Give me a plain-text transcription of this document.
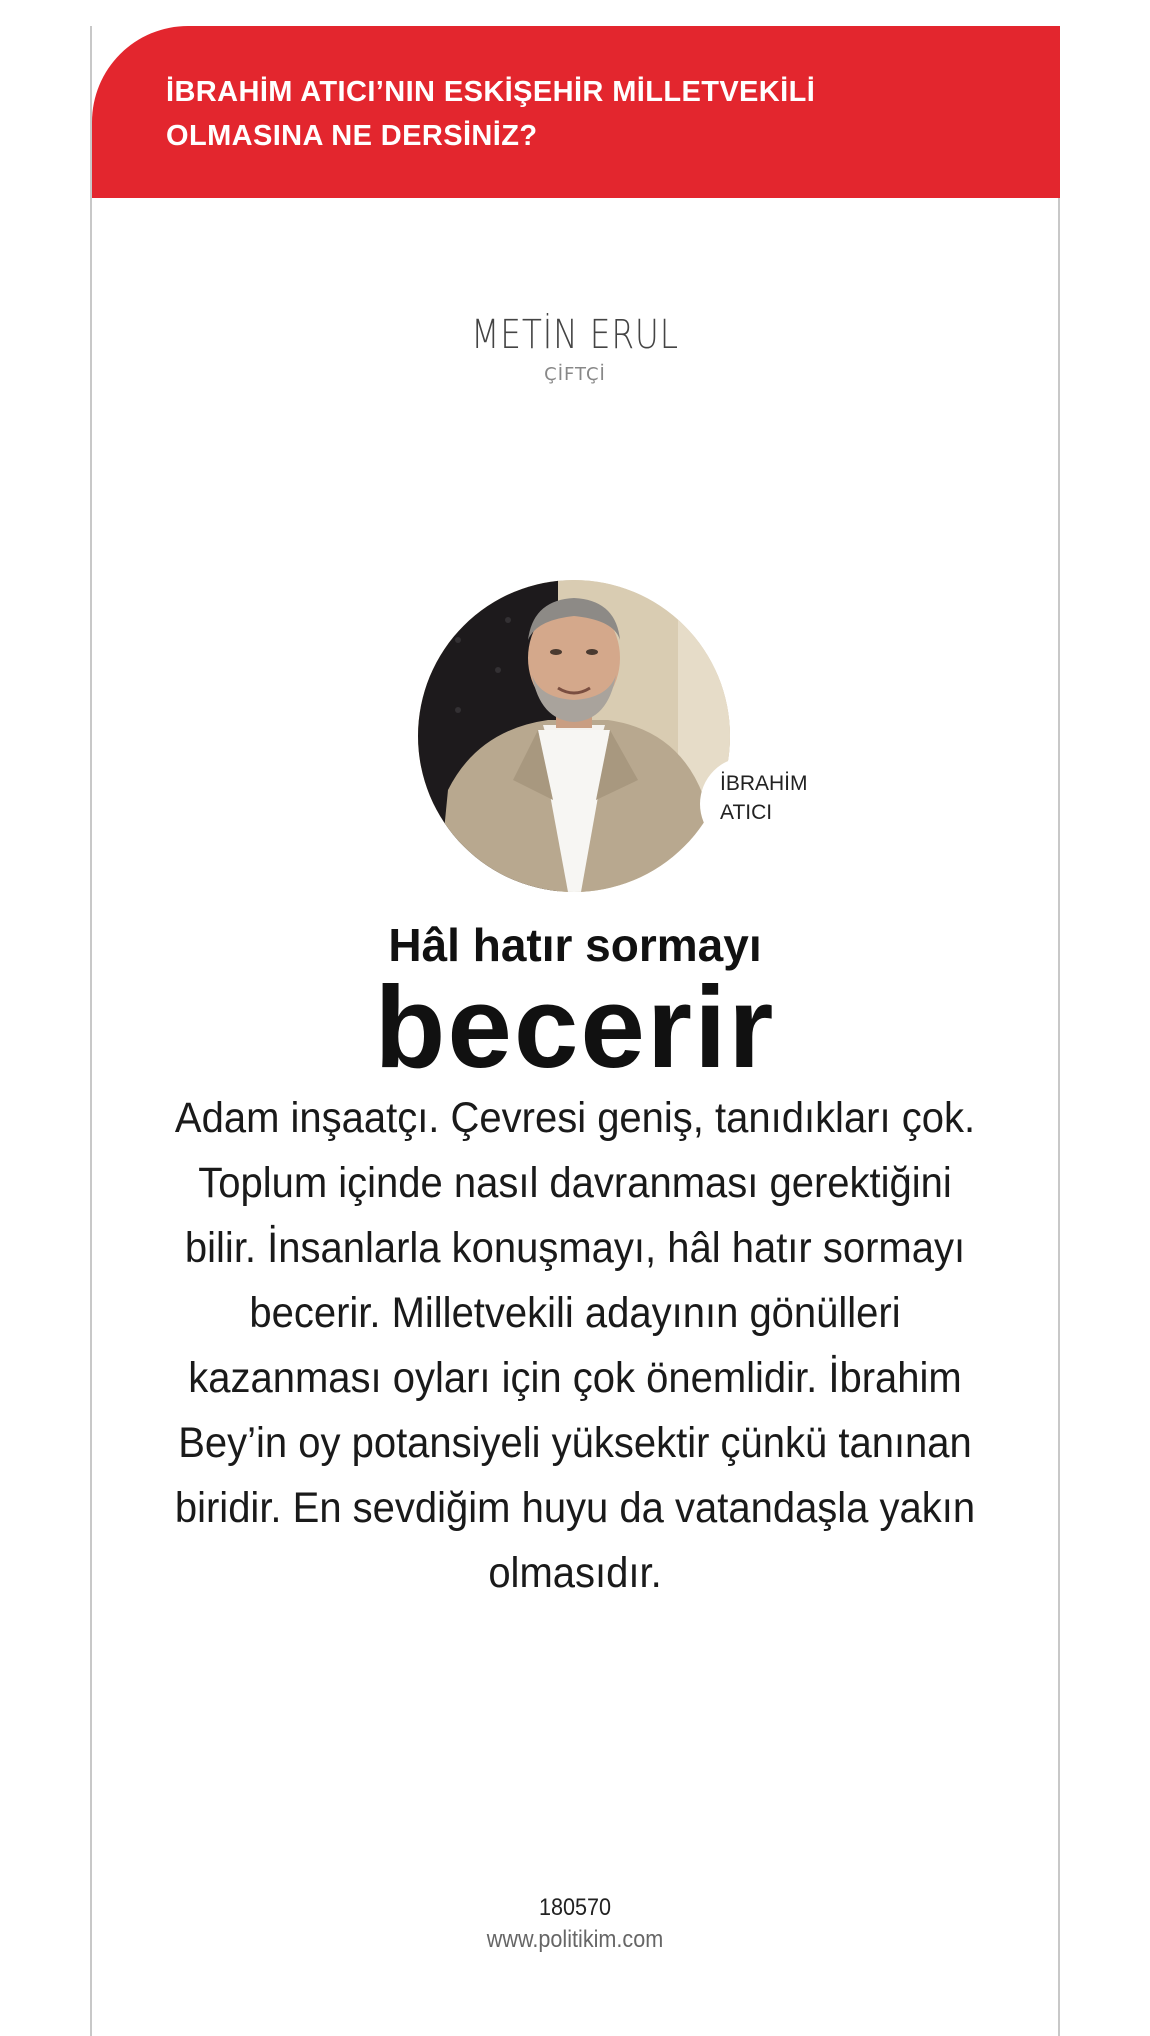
İBRAHİM ATICI’NIN ESKİŞEHİR MİLLETVEKİLİ
OLMASINA NE DERSİNİZ?
METİN ERUL
ÇİFTÇİ
İBRAHİM
ATICI
Hâl hatır sormayı
becerir

Adam inşaatçı. Çevresi geniş, tanıdıkları çok. Toplum içinde nasıl davranması gerektiğini bilir. İnsanlarla konuşmayı, hâl hatır sormayı becerir. Milletvekili adayının gönülleri kazanması oyları için çok önemlidir. İbrahim Bey’in oy potansiyeli yüksektir çünkü tanınan biridir. En sevdiğim huyu da vatandaşla yakın olmasıdır.

180570
www.politikim.com
